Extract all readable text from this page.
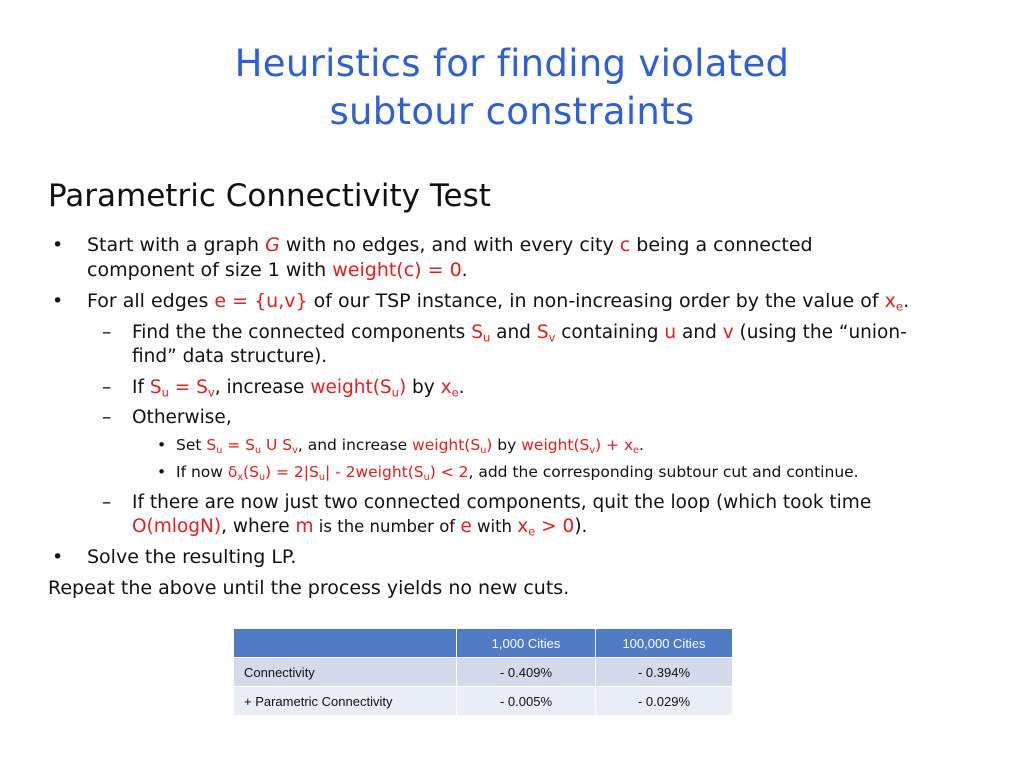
Heuristics for finding violated
subtour constraints
Parametric Connectivity Test
• Start with a graph G with no edges, and with every city c being a connected
component of size 1 with weight(c) = 0.
• For all edges e = {u,v} of our TSP instance, in non-increasing order by the value of $x_e$.
– Find the the connected components $S_u$ and $S_v$ containing u and v (using the “union-
find” data structure).
– If $S_u = S_v$, increase $weight(S_u)$ by $x_e$.
– Otherwise,
• Set $S_u = S_u$ U $S_v$, and increase $weight(S_u)$ by $weight(S_v) + x_e$.
• If now $\delta_x(S_u) = 2|S_u|$ - $2weight(S_u) < 2$, add the corresponding subtour cut and continue.
– If there are now just two connected components, quit the loop (which took time
O(mlogN), where m is the number of e with $x_e > 0$).
• Solve the resulting LP.
Repeat the above until the process yields no new cuts.
	1,000 Cities	100,000 Cities
Connectivity	- 0.409%	- 0.394%
+ Parametric Connectivity	- 0.005%	- 0.029%
